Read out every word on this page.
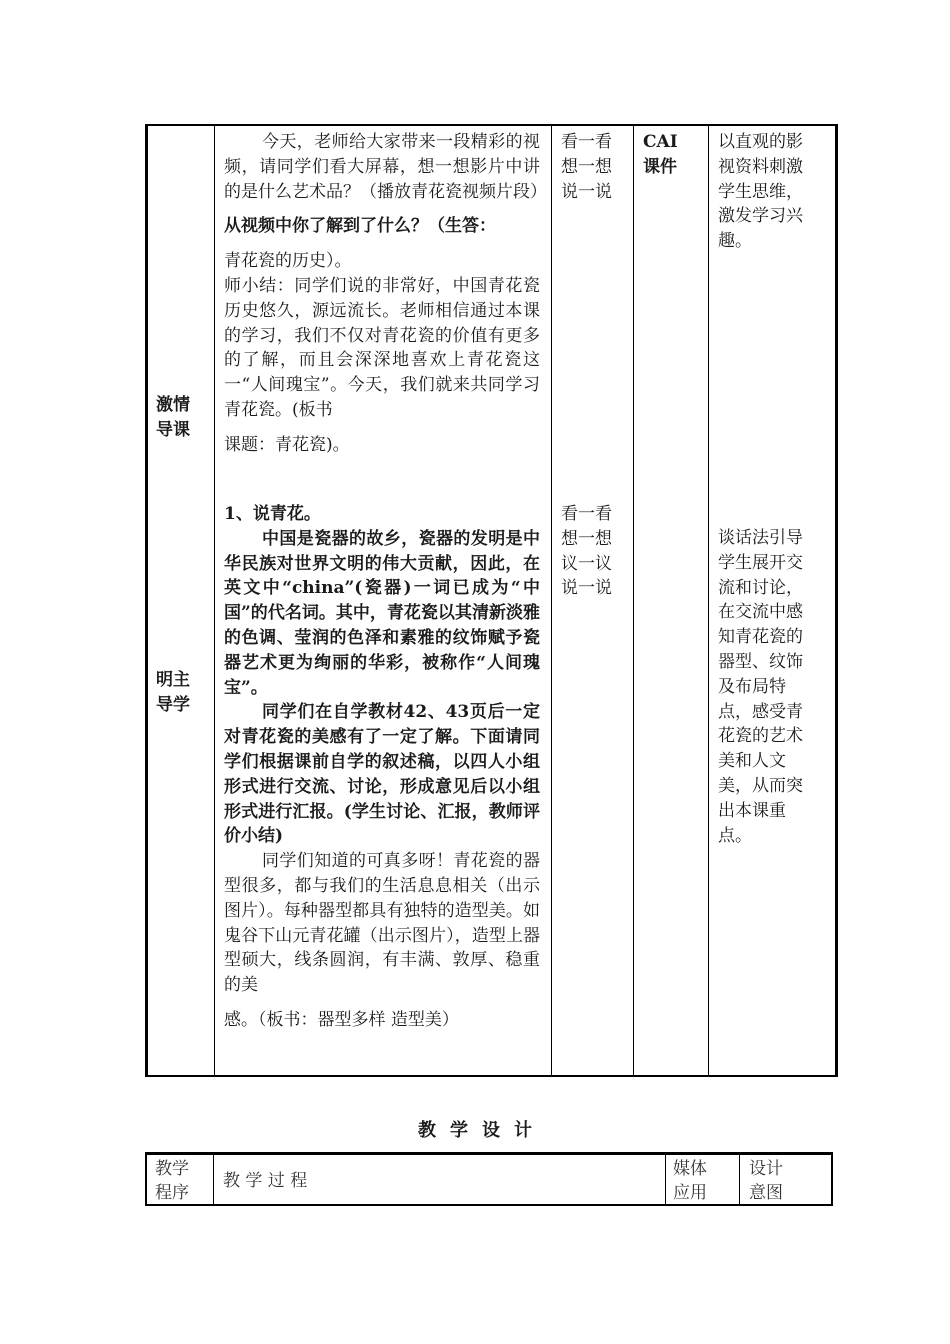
激情
导课

今天，老师给大家带来一段精彩的视频，请同学们看大屏幕，想一想影片中讲的是什么艺术品？（播放青花瓷视频片段）

从视频中你了解到了什么？（生答：

青花瓷的历史）。

师小结：同学们说的非常好，中国青花瓷历史悠久，源远流长。老师相信通过本课的学习，我们不仅对青花瓷的价值有更多的了解，而且会深深地喜欢上青花瓷这一“人间瑰宝”。今天，我们就来共同学习青花瓷。(板书

课题：青花瓷)。

看一看想一想说一说
CAI
课件
以直观的影视资料刺激学生思维，激发学习兴趣。
明主
导学

1、说青花。

中国是瓷器的故乡，瓷器的发明是中华民族对世界文明的伟大贡献，因此，在英文中“china”(瓷器)一词已成为“中国”的代名词。其中，青花瓷以其清新淡雅的色调、莹润的色泽和素雅的纹饰赋予瓷器艺术更为绚丽的华彩，被称作“人间瑰宝”。

同学们在自学教材42、43页后一定对青花瓷的美感有了一定了解。下面请同学们根据课前自学的叙述稿，以四人小组形式进行交流、讨论，形成意见后以小组形式进行汇报。(学生讨论、汇报，教师评价小结)

同学们知道的可真多呀！青花瓷的器型很多，都与我们的生活息息相关（出示图片）。每种器型都具有独特的造型美。如鬼谷下山元青花罐（出示图片），造型上器型硕大，线条圆润，有丰满、敦厚、稳重的美

感。（板书：器型多样 造型美）

看一看想一想议一议说一说
谈话法引导学生展开交流和讨论，在交流中感知青花瓷的器型、纹饰及布局特点，感受青花瓷的艺术美和人文美，从而突出本课重点。
教学设计
教学
程序
教 学 过 程
媒体
应用
设计
意图
